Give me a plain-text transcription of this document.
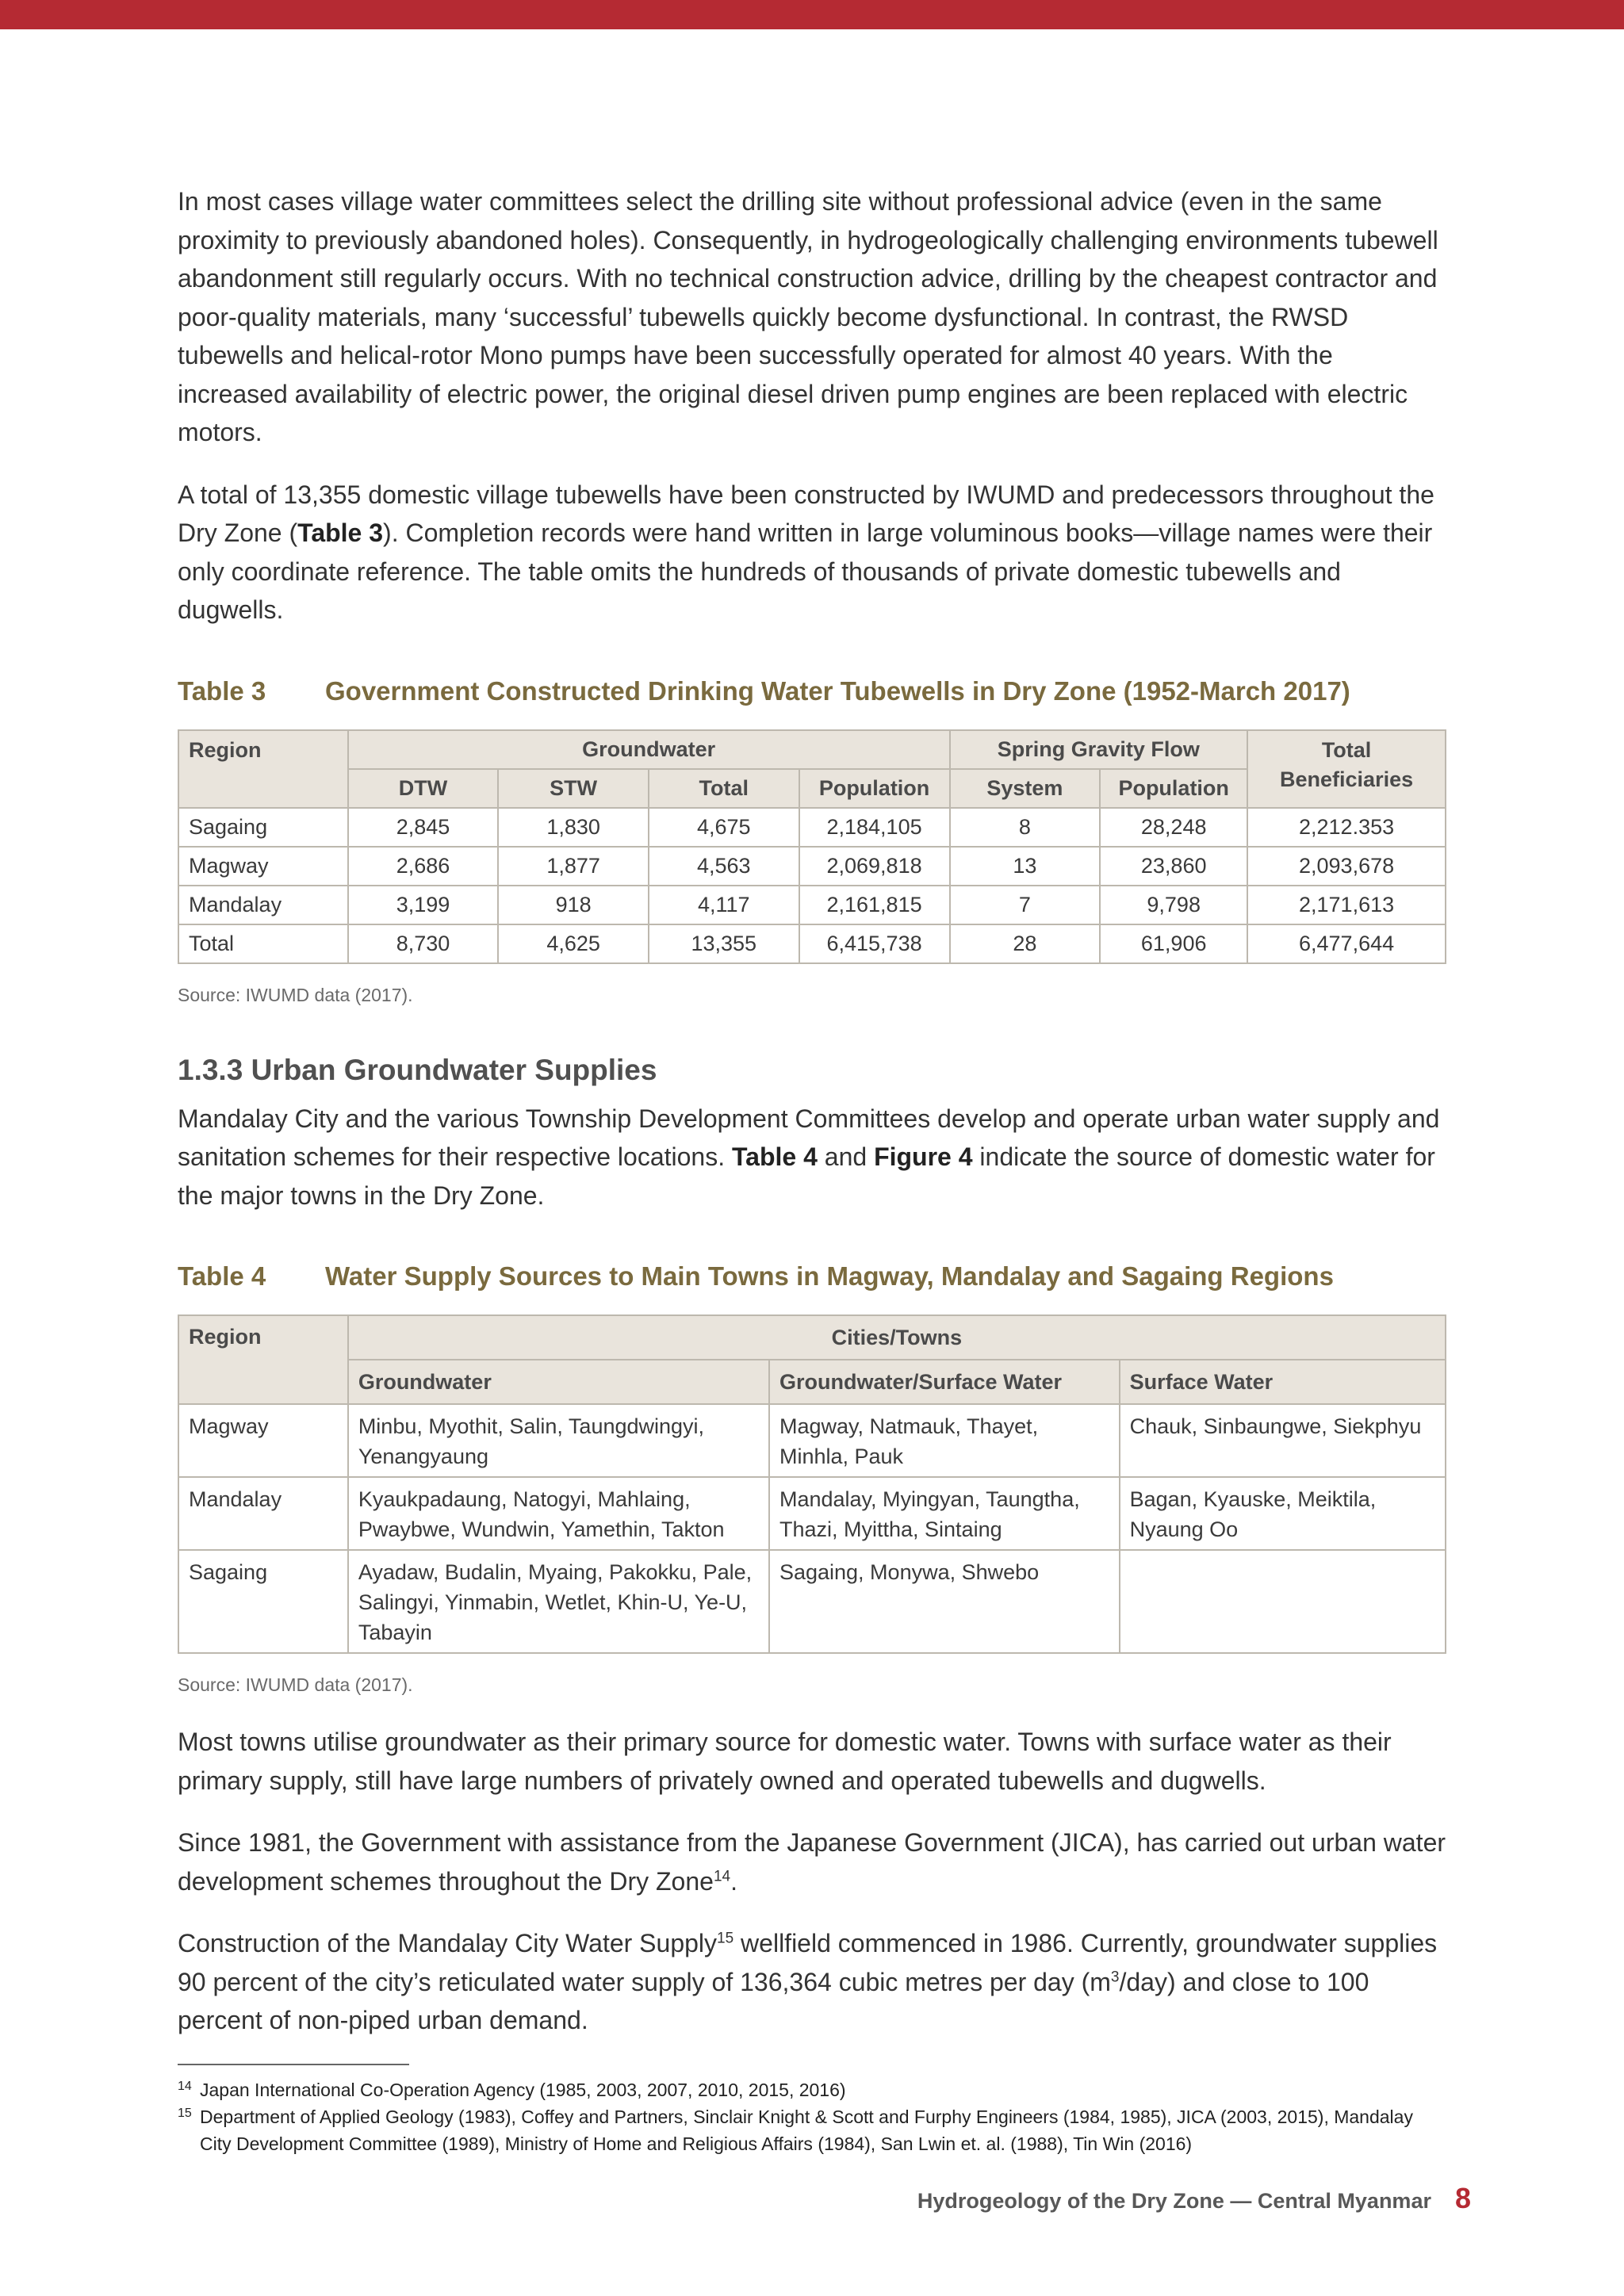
In most cases village water committees select the drilling site without professional advice (even in the same proximity to previously abandoned holes). Consequently, in hydrogeologically challenging environments tubewell abandonment still regularly occurs. With no technical construction advice, drilling by the cheapest contractor and poor-quality materials, many ‘successful’ tubewells quickly become dysfunctional. In contrast, the RWSD tubewells and helical-rotor Mono pumps have been successfully operated for almost 40 years. With the increased availability of electric power, the original diesel driven pump engines are been replaced with electric motors.

A total of 13,355 domestic village tubewells have been constructed by IWUMD and predecessors throughout the Dry Zone (Table 3). Completion records were hand written in large voluminous books—village names were their only coordinate reference. The table omits the hundreds of thousands of private domestic tubewells and dugwells.

Table 3 Government Constructed Drinking Water Tubewells in Dry Zone (1952-March 2017)
Region	Groundwater				Spring Gravity Flow		Total Beneficiaries
	DTW	STW	Total	Population	System	Population	
Sagaing	2,845	1,830	4,675	2,184,105	8	28,248	2,212.353
Magway	2,686	1,877	4,563	2,069,818	13	23,860	2,093,678
Mandalay	3,199	918	4,117	2,161,815	7	9,798	2,171,613
Total	8,730	4,625	13,355	6,415,738	28	61,906	6,477,644
Source: IWUMD data (2017).
1.3.3 Urban Groundwater Supplies

Mandalay City and the various Township Development Committees develop and operate urban water supply and sanitation schemes for their respective locations. Table 4 and Figure 4 indicate the source of domestic water for the major towns in the Dry Zone.

Table 4 Water Supply Sources to Main Towns in Magway, Mandalay and Sagaing Regions
Region	Cities/Towns		
	Groundwater	Groundwater/Surface Water	Surface Water
Magway	Minbu, Myothit, Salin, Taungdwingyi, Yenangyaung	Magway, Natmauk, Thayet, Minhla, Pauk	Chauk, Sinbaungwe, Siekphyu
Mandalay	Kyaukpadaung, Natogyi, Mahlaing, Pwaybwe, Wundwin, Yamethin, Takton	Mandalay, Myingyan, Taungtha, Thazi, Myittha, Sintaing	Bagan, Kyauske, Meiktila, Nyaung Oo
Sagaing	Ayadaw, Budalin, Myaing, Pakokku, Pale, Salingyi, Yinmabin, Wetlet, Khin-U, Ye-U, Tabayin	Sagaing, Monywa, Shwebo	
Source: IWUMD data (2017).

Most towns utilise groundwater as their primary source for domestic water. Towns with surface water as their primary supply, still have large numbers of privately owned and operated tubewells and dugwells.

Since 1981, the Government with assistance from the Japanese Government (JICA), has carried out urban water development schemes throughout the Dry Zone$^{14}$.

Construction of the Mandalay City Water Supply$^{15}$ wellfield commenced in 1986. Currently, groundwater supplies 90 percent of the city’s reticulated water supply of 136,364 cubic metres per day $(m^3/day)$ and close to 100 percent of non-piped urban demand.

14 Japan International Co-Operation Agency (1985, 2003, 2007, 2010, 2015, 2016)
15 Department of Applied Geology (1983), Coffey and Partners, Sinclair Knight & Scott and Furphy Engineers (1984, 1985), JICA (2003, 2015), Mandalay City Development Committee (1989), Ministry of Home and Religious Affairs (1984), San Lwin et. al. (1988), Tin Win (2016)
Hydrogeology of the Dry Zone — Central Myanmar 8
